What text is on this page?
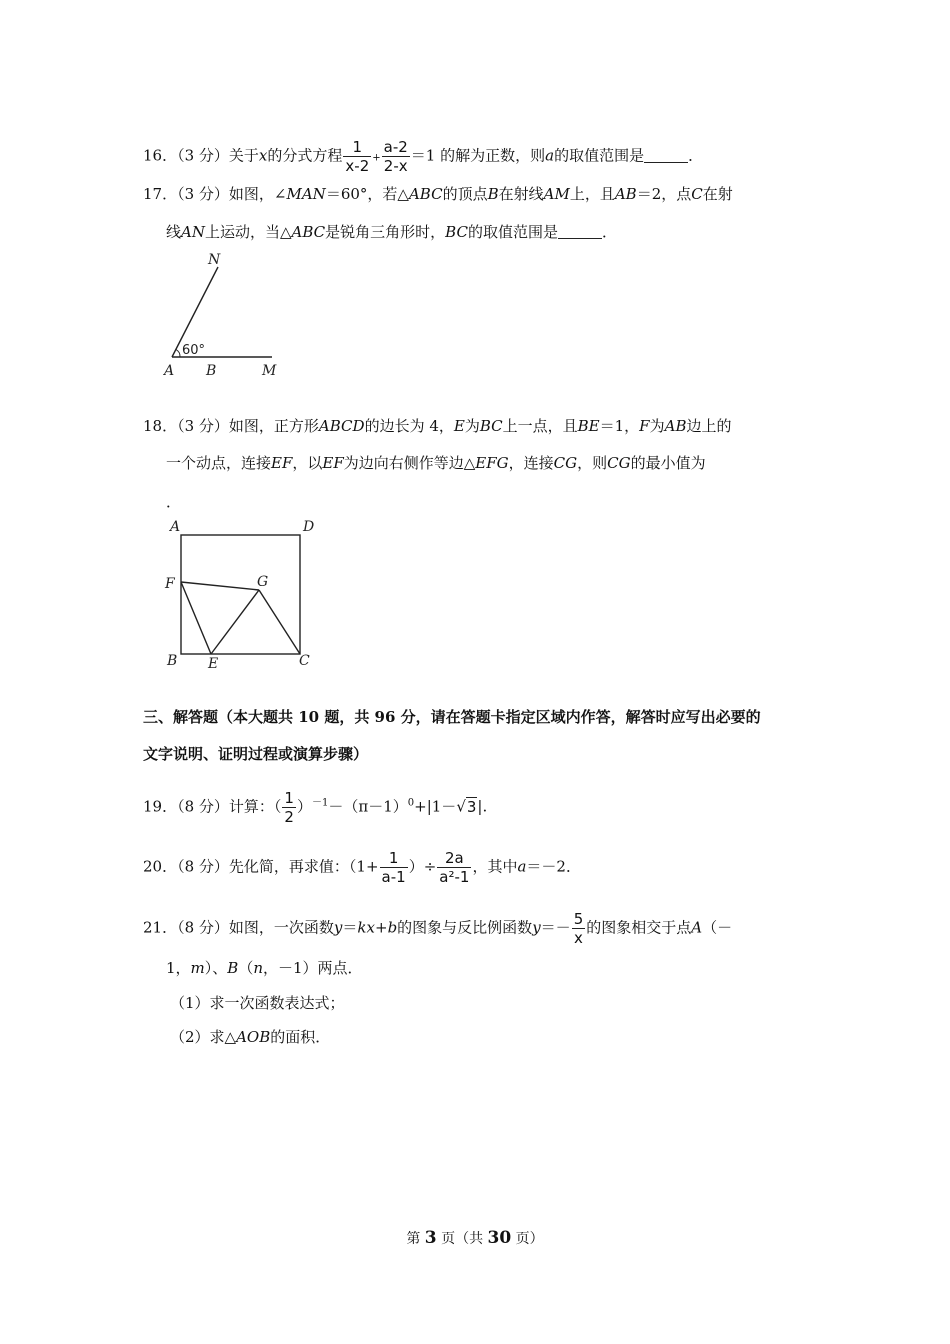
16．（3 分）关于x的分式方程 $\frac{1}{x-2} + \frac{a-2}{2-x} =1$ 的解为正数，则a的取值范围是	．
17．（3 分）如图，∠MAN＝60°，若△ABC的顶点B在射线AM上，且AB＝2，点C在射
线AN上运动，当△ABC是锐角三角形时，BC的取值范围是	．
N
60°
A B	M
18．（3 分）如图，正方形ABCD的边长为 4，E为BC上一点，且BE＝1，F为AB边上的
一个动点，连接EF，以EF为边向右侧作等边△EFG，连接CG，则CG的最小值为
．
A	D
F	G
B E	C
三、解答题（本大题共 10 题，共 96 分，请在答题卡指定区域内作答，解答时应写出必要的
文字说明、证明过程或演算步骤）
19．（8 分）计算：（ $\frac{1}{2} )^{-1}-(\pi-1)^0+|1-√3|$.
20．（8 分）先化简，再求值：（$1+ \frac{1}{a-1}$ ）÷ $\frac{2a}{\text{a²-1}}$ ，其中a＝－2．
21．（8 分）如图，一次函数y＝kx+b的图象与反比例函数$y=- \frac{5}{x}$ 的图象相交于点A（－
1，m）、B（n，－1）两点．
（1）求一次函数表达式；
（2）求△AOB的面积．
第 3 页（共 30 页）
